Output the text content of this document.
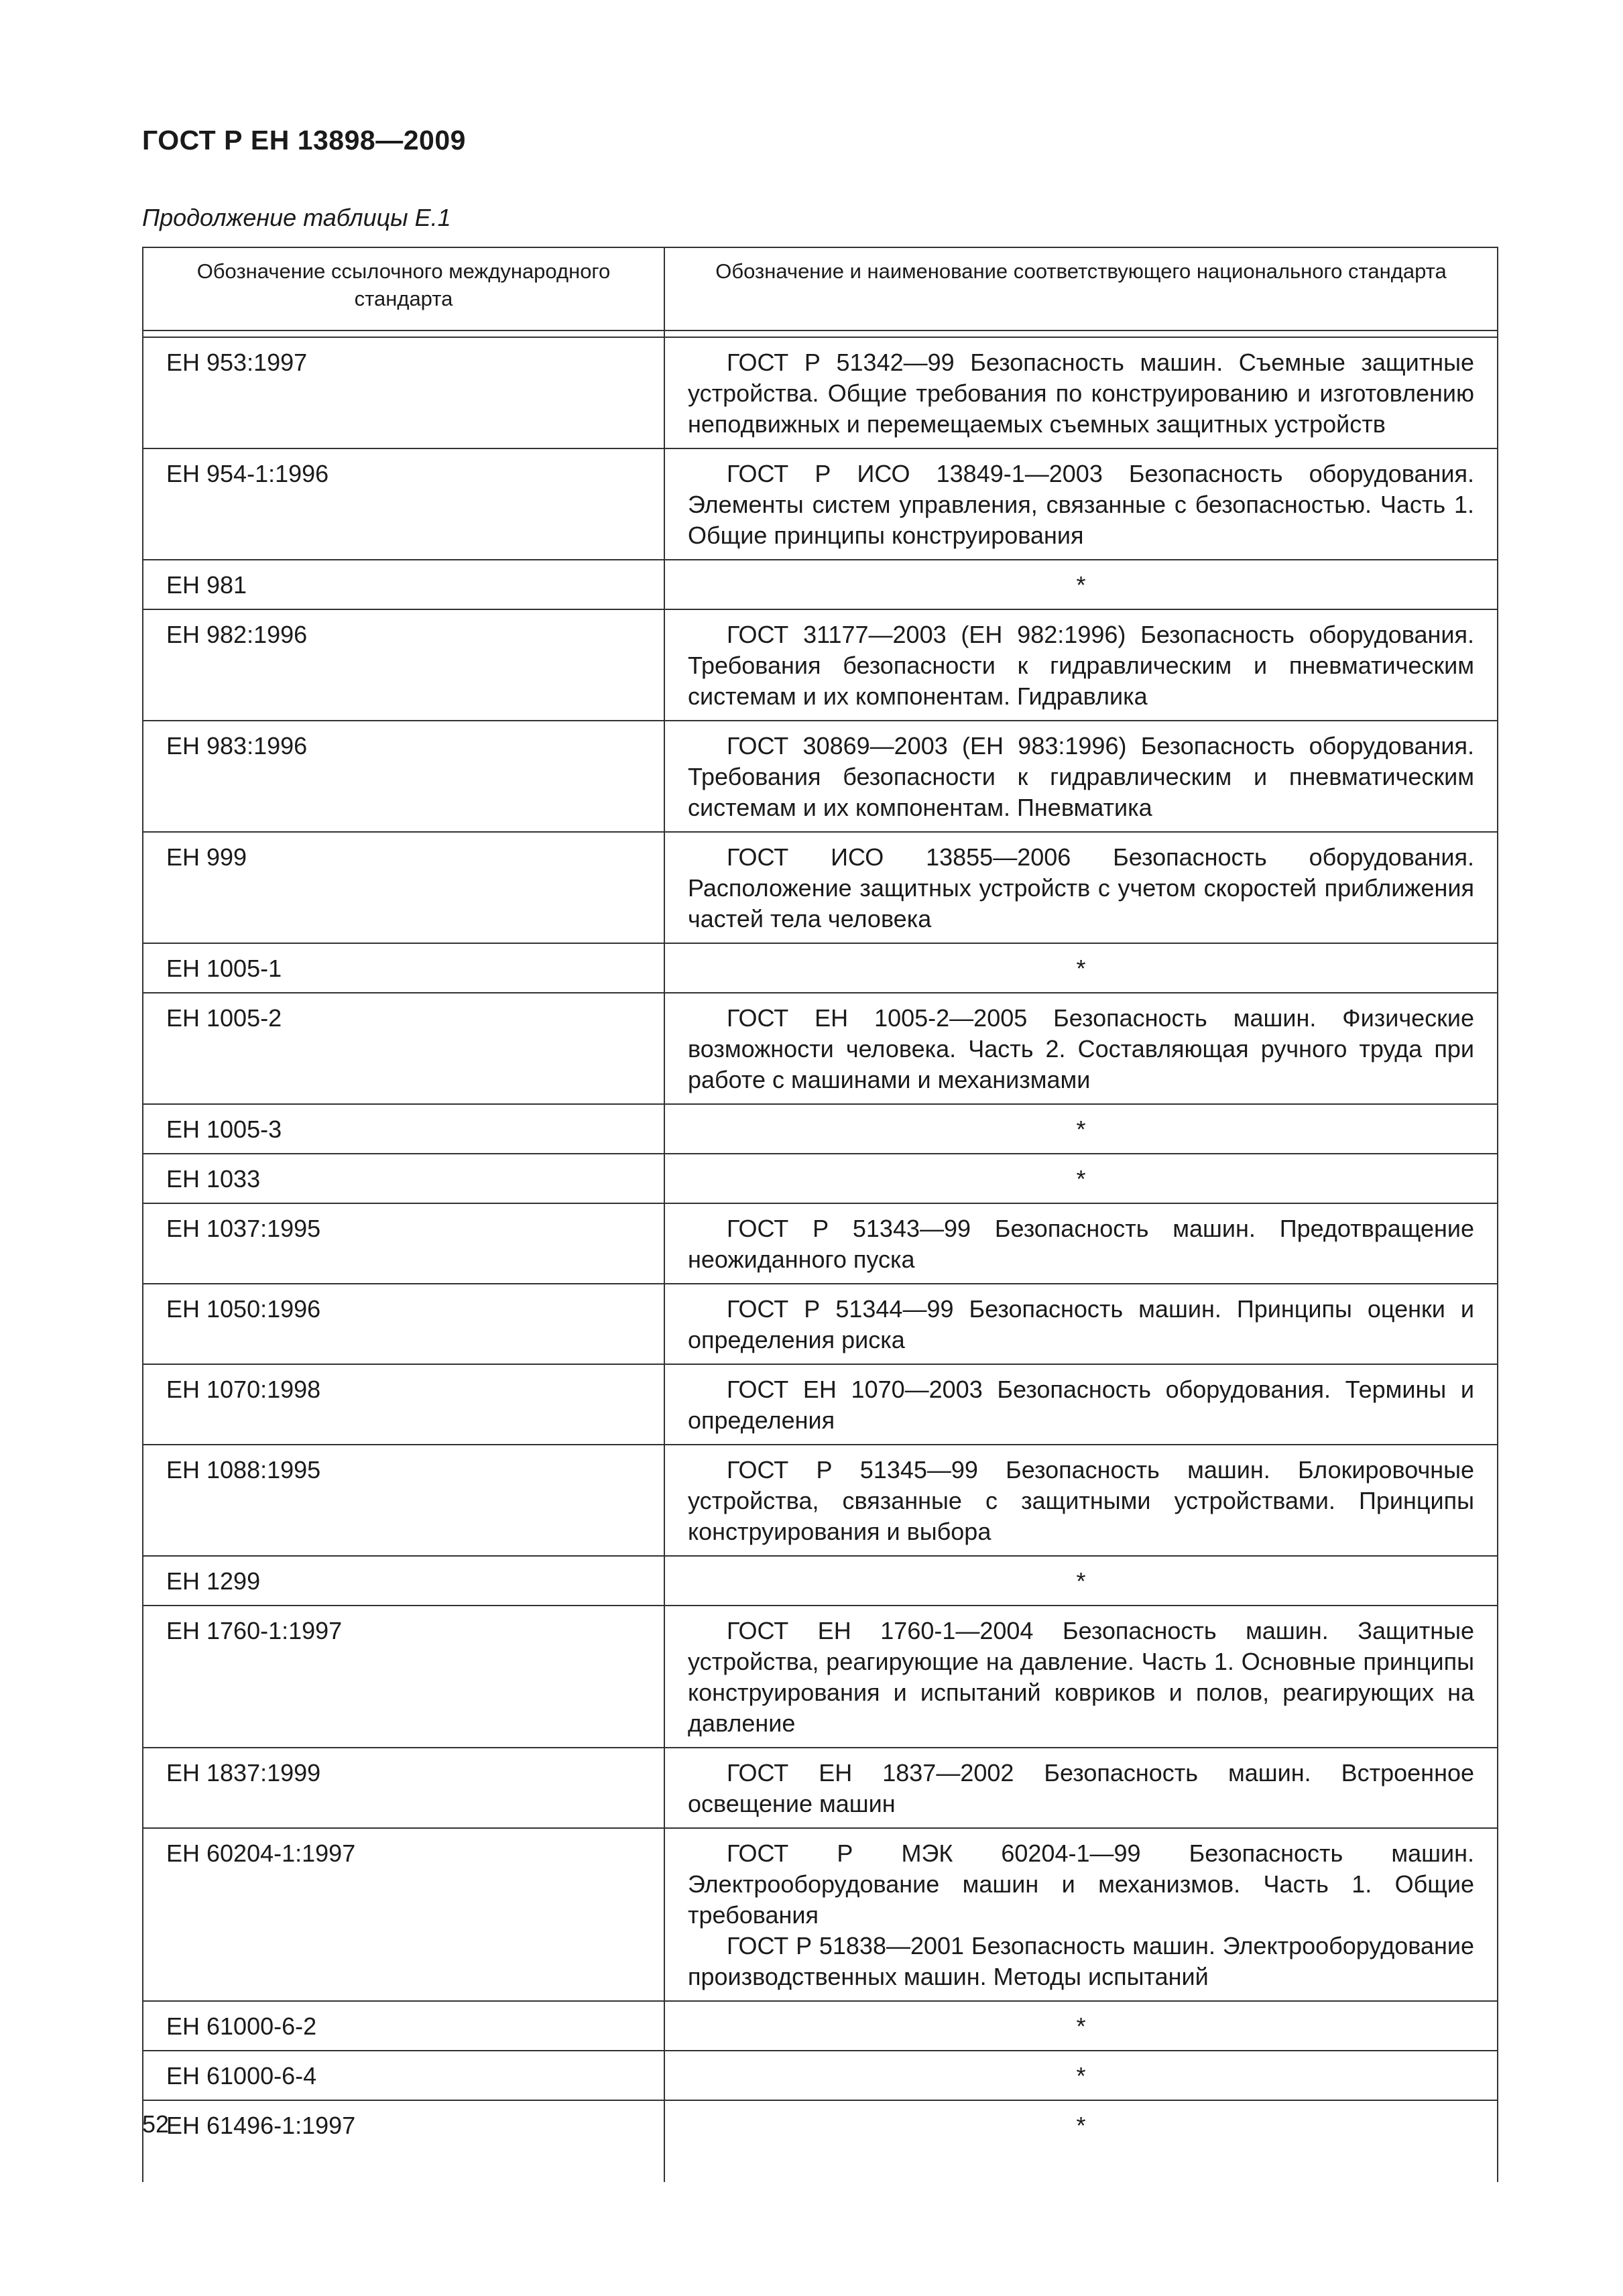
ГОСТ Р ЕН 13898—2009
Продолжение таблицы Е.1
Обозначение ссылочного международного стандарта	Обозначение и наименование соответствующего национального стандарта

ЕН 953:1997	ГОСТ Р 51342—99 Безопасность машин. Съемные защитные устройства. Общие требования по конструированию и изготовлению неподвижных и перемещаемых съемных защитных устройств

ЕН 954-1:1996	ГОСТ Р ИСО 13849-1—2003 Безопасность оборудования. Элементы систем управления, связанные с безопасностью. Часть 1. Общие принципы конструирования

ЕН 981	*

ЕН 982:1996	ГОСТ 31177—2003 (ЕН 982:1996) Безопасность оборудования. Требования безопасности к гидравлическим и пневматическим системам и их компонентам. Гидравлика

ЕН 983:1996	ГОСТ 30869—2003 (ЕН 983:1996) Безопасность оборудования. Требования безопасности к гидравлическим и пневматическим системам и их компонентам. Пневматика

ЕН 999	ГОСТ ИСО 13855—2006 Безопасность оборудования. Расположение защитных устройств с учетом скоростей приближения частей тела человека

ЕН 1005-1	*

ЕН 1005-2	ГОСТ ЕН 1005-2—2005 Безопасность машин. Физические возможности человека. Часть 2. Составляющая ручного труда при работе с машинами и механизмами

ЕН 1005-3	*

ЕН 1033	*

ЕН 1037:1995	ГОСТ Р 51343—99 Безопасность машин. Предотвращение неожиданного пуска

ЕН 1050:1996	ГОСТ Р 51344—99 Безопасность машин. Принципы оценки и определения риска

ЕН 1070:1998	ГОСТ ЕН 1070—2003 Безопасность оборудования. Термины и определения

ЕН 1088:1995	ГОСТ Р 51345—99 Безопасность машин. Блокировочные устройства, связанные с защитными устройствами. Принципы конструирования и выбора

ЕН 1299	*

ЕН 1760-1:1997	ГОСТ ЕН 1760-1—2004 Безопасность машин. Защитные устройства, реагирующие на давление. Часть 1. Основные принципы конструирования и испытаний ковриков и полов, реагирующих на давление

ЕН 1837:1999	ГОСТ ЕН 1837—2002 Безопасность машин. Встроенное освещение машин

ЕН 60204-1:1997	ГОСТ Р МЭК 60204-1—99 Безопасность машин. Электрооборудование машин и механизмов. Часть 1. Общие требования
ГОСТ Р 51838—2001 Безопасность машин. Электрооборудование производственных машин. Методы испытаний

ЕН 61000-6-2	*

ЕН 61000-6-4	*

ЕН 61496-1:1997	*
52
